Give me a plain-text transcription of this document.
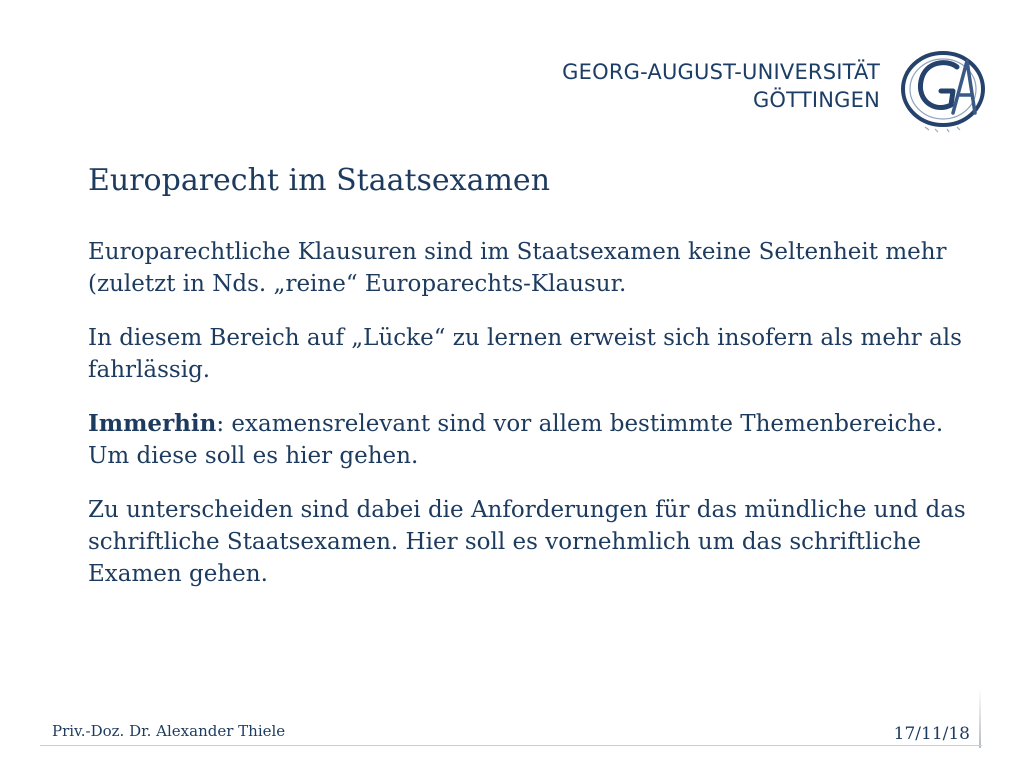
GEORG-AUGUST-UNIVERSITÄT
GÖTTINGEN
Europarecht im Staatsexamen

Europarechtliche Klausuren sind im Staatsexamen keine Seltenheit mehr (zuletzt in Nds. „reine“ Europarechts-Klausur.

In diesem Bereich auf „Lücke“ zu lernen erweist sich insofern als mehr als fahrlässig.

Immerhin: examensrelevant sind vor allem bestimmte Themenbereiche. Um diese soll es hier gehen.

Zu unterscheiden sind dabei die Anforderungen für das mündliche und das schriftliche Staatsexamen. Hier soll es vornehmlich um das schriftliche Examen gehen.

Priv.-Doz. Dr. Alexander Thiele	17/11/18
